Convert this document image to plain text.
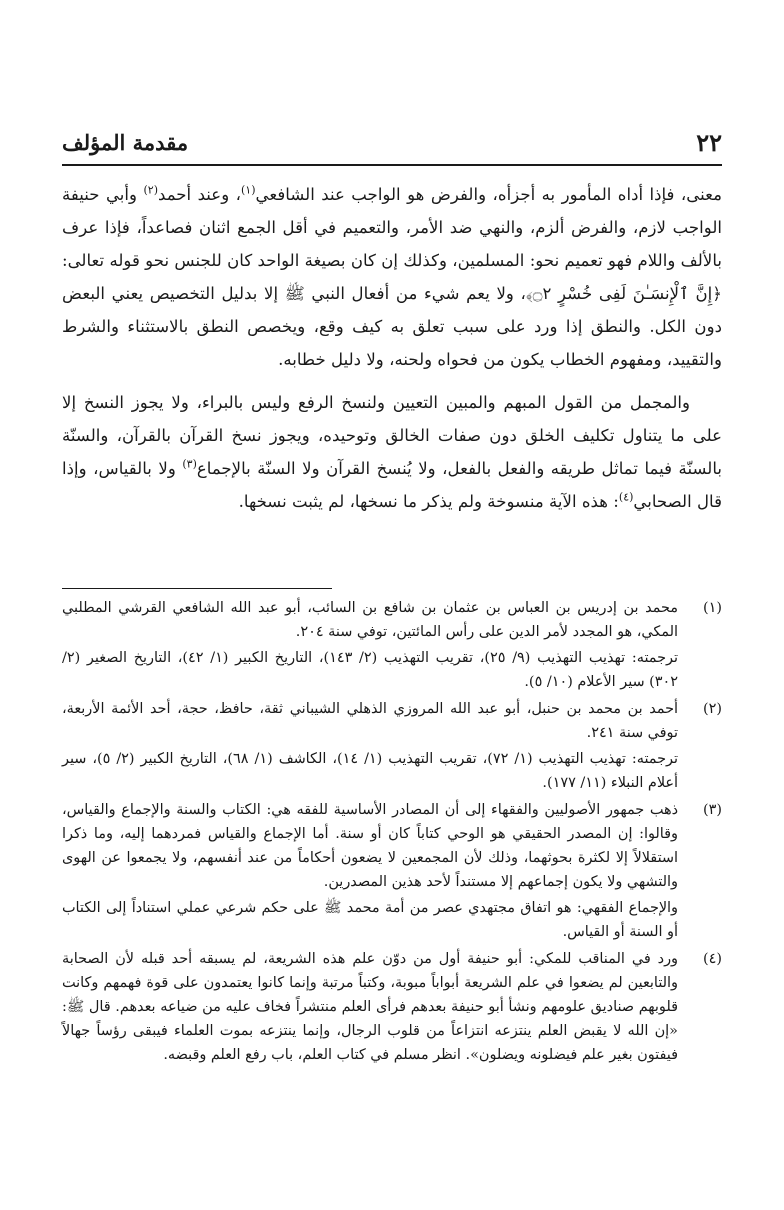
٢٢
مقدمة المؤلف

معنى، فإذا أداه المأمور به أجزأه، والفرض هو الواجب عند الشافعي$^{(١)}$، وعند أحمد$^{(٢)}$ وأبي حنيفة الواجب لازم، والفرض ألزم، والنهي ضد الأمر، والتعميم في أقل الجمع اثنان فصاعداً، فإذا عرف بالألف واللام فهو تعميم نحو: المسلمين، وكذلك إن كان بصيغة الواحد كان للجنس نحو قوله تعالى: ﴿إِنَّ ٱلْإِنسَـٰنَ لَفِى خُسْرٍ ۝٢﴾، ولا يعم شيء من أفعال النبي ﷺ إلا بدليل التخصيص يعني البعض دون الكل. والنطق إذا ورد على سبب تعلق به كيف وقع، ويخصص النطق بالاستثناء والشرط والتقييد، ومفهوم الخطاب يكون من فحواه ولحنه، ولا دليل خطابه.

والمجمل من القول المبهم والمبين التعيين ولنسخ الرفع وليس بالبراء، ولا يجوز النسخ إلا على ما يتناول تكليف الخلق دون صفات الخالق وتوحيده، ويجوز نسخ القرآن بالقرآن، والسنّة بالسنّة فيما تماثل طريقه والفعل بالفعل، ولا يُنسخ القرآن ولا السنّة بالإجماع$^{(٣)}$ ولا بالقياس، وإذا قال الصحابي$^{(٤)}$: هذه الآية منسوخة ولم يذكر ما نسخها، لم يثبت نسخها.

(١)

محمد بن إدريس بن العباس بن عثمان بن شافع بن السائب، أبو عبد الله الشافعي القرشي المطلبي المكي، هو المجدد لأمر الدين على رأس المائتين، توفي سنة ٢٠٤.

ترجمته: تهذيب التهذيب (٩/ ٢٥)، تقريب التهذيب (٢/ ١٤٣)، التاريخ الكبير (١/ ٤٢)، التاريخ الصغير (٢/ ٣٠٢) سير الأعلام (١٠/ ٥).

(٢)

أحمد بن محمد بن حنبل، أبو عبد الله المروزي الذهلي الشيباني ثقة، حافظ، حجة، أحد الأئمة الأربعة، توفي سنة ٢٤١.

ترجمته: تهذيب التهذيب (١/ ٧٢)، تقريب التهذيب (١/ ١٤)، الكاشف (١/ ٦٨)، التاريخ الكبير (٢/ ٥)، سير أعلام النبلاء (١١/ ١٧٧).

(٣)

ذهب جمهور الأصوليين والفقهاء إلى أن المصادر الأساسية للفقه هي: الكتاب والسنة والإجماع والقياس، وقالوا: إن المصدر الحقيقي هو الوحي كتاباً كان أو سنة. أما الإجماع والقياس فمردهما إليه، وما ذكرا استقلالاً إلا لكثرة بحوثهما، وذلك لأن المجمعين لا يضعون أحكاماً من عند أنفسهم، ولا يجمعوا عن الهوى والتشهي ولا يكون إجماعهم إلا مستنداً لأحد هذين المصدرين.

والإجماع الفقهي: هو اتفاق مجتهدي عصر من أمة محمد ﷺ على حكم شرعي عملي استناداً إلى الكتاب أو السنة أو القياس.

(٤)

ورد في المناقب للمكي: أبو حنيفة أول من دوّن علم هذه الشريعة، لم يسبقه أحد قبله لأن الصحابة والتابعين لم يضعوا في علم الشريعة أبواباً مبوبة، وكتباً مرتبة وإنما كانوا يعتمدون على قوة فهمهم وكانت قلوبهم صناديق علومهم ونشأ أبو حنيفة بعدهم فرأى العلم منتشراً فخاف عليه من ضياعه بعدهم. قال ﷺ: «إن الله لا يقبض العلم ينتزعه انتزاعاً من قلوب الرجال، وإنما ينتزعه بموت العلماء فيبقى رؤساً جهالاً فيفتون بغير علم فيضلونه ويضلون». انظر مسلم في كتاب العلم، باب رفع العلم وقبضه.
